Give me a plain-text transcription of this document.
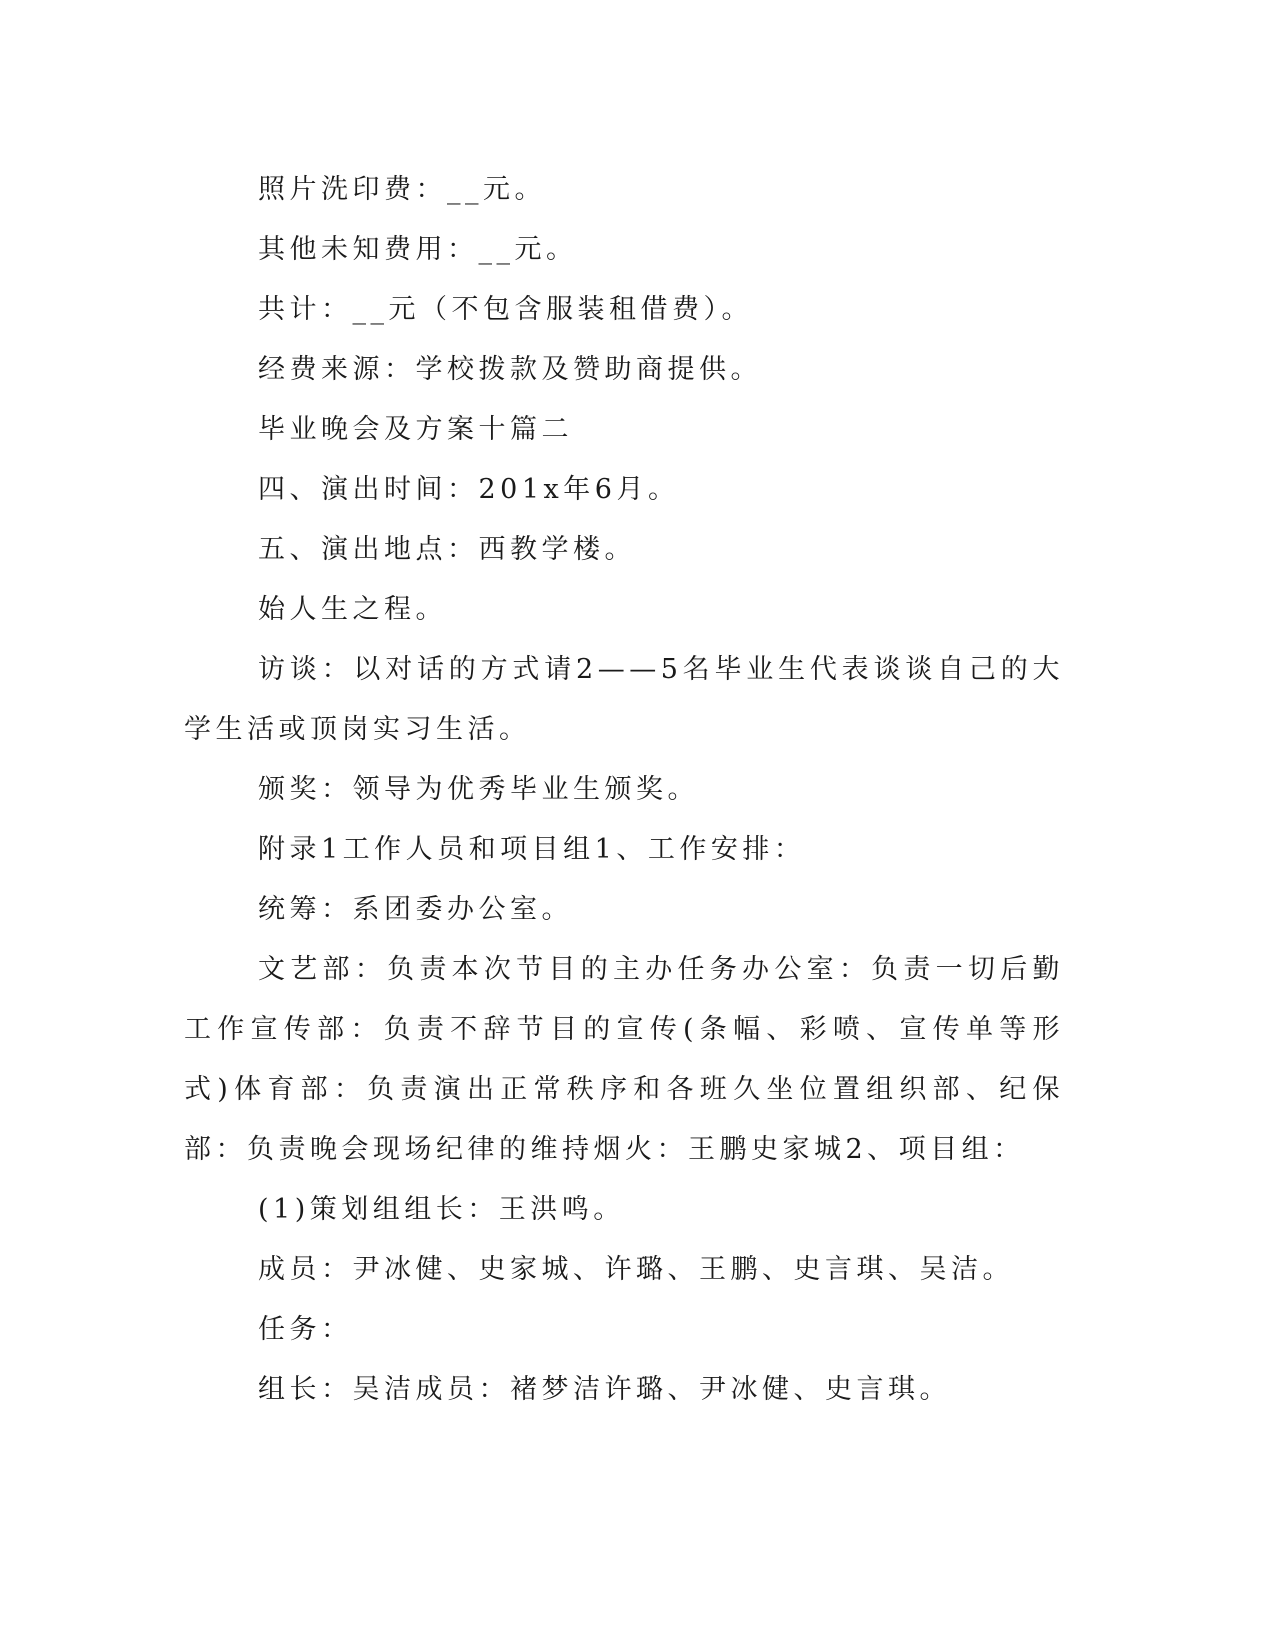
照片洗印费：__元。

其他未知费用：__元。

共计：__元（不包含服装租借费）。

经费来源：学校拨款及赞助商提供。

毕业晚会及方案十篇二

四、演出时间：201x年6月。

五、演出地点：西教学楼。

始人生之程。

访谈：以对话的方式请2——5名毕业生代表谈谈自己的大学生活或顶岗实习生活。

颁奖：领导为优秀毕业生颁奖。

附录1工作人员和项目组1、工作安排：

统筹：系团委办公室。

文艺部：负责本次节目的主办任务办公室：负责一切后勤工作宣传部：负责不辞节目的宣传(条幅、彩喷、宣传单等形式)体育部：负责演出正常秩序和各班久坐位置组织部、纪保部：负责晚会现场纪律的维持烟火：王鹏史家城2、项目组：

(1)策划组组长：王洪鸣。

成员：尹冰健、史家城、许璐、王鹏、史言琪、吴洁。

任务：

组长：吴洁成员：褚梦洁许璐、尹冰健、史言琪。
